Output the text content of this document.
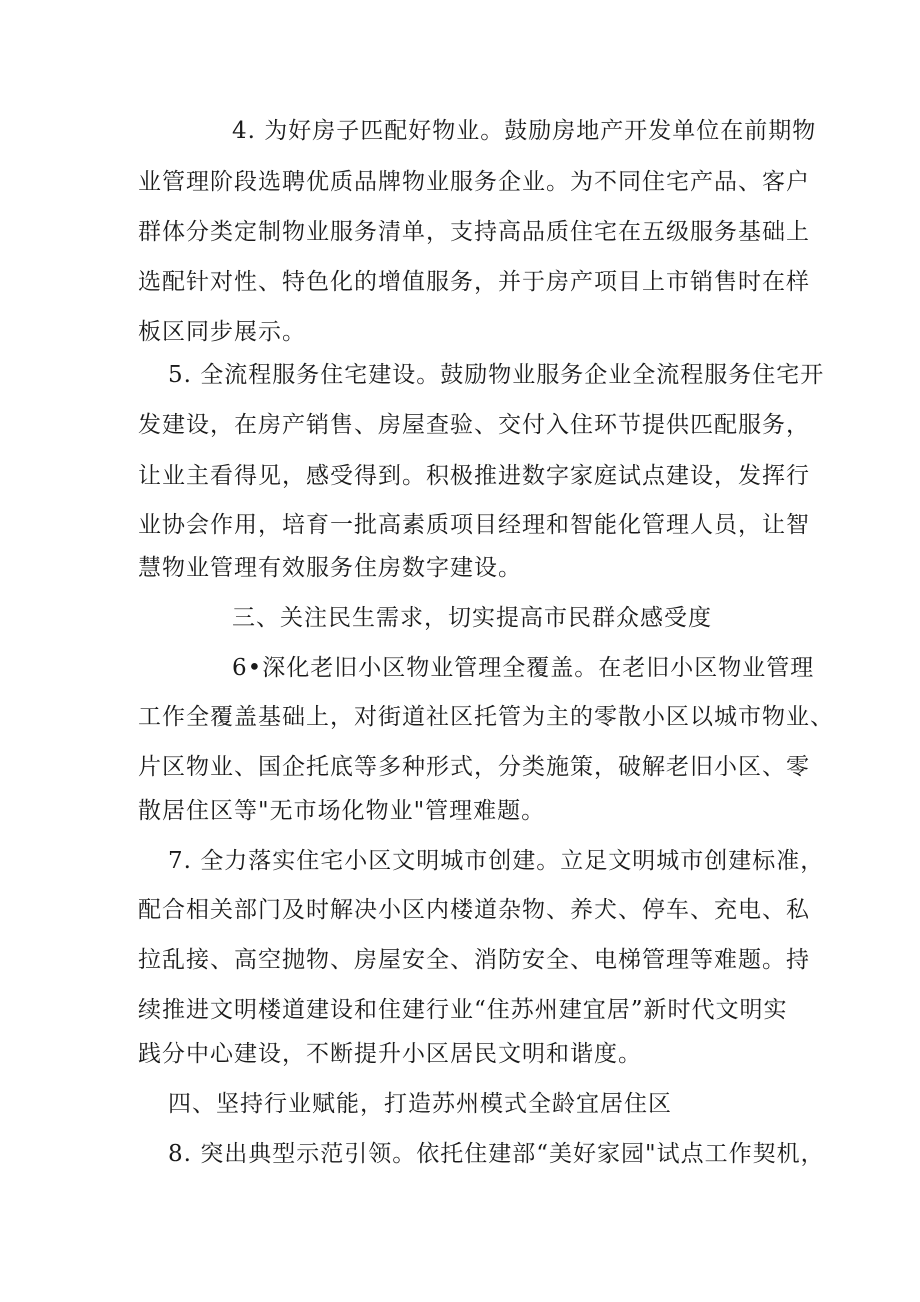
4. 为好房子匹配好物业。鼓励房地产开发单位在前期物
业管理阶段选聘优质品牌物业服务企业。为不同住宅产品、客户
群体分类定制物业服务清单，支持高品质住宅在五级服务基础上
选配针对性、特色化的增值服务，并于房产项目上市销售时在样
板区同步展示。
5. 全流程服务住宅建设。鼓励物业服务企业全流程服务住宅开
发建设，在房产销售、房屋查验、交付入住环节提供匹配服务，
让业主看得见，感受得到。积极推进数字家庭试点建设，发挥行
业协会作用，培育一批高素质项目经理和智能化管理人员，让智
慧物业管理有效服务住房数字建设。
三、关注民生需求，切实提高市民群众感受度
6•深化老旧小区物业管理全覆盖。在老旧小区物业管理
工作全覆盖基础上，对街道社区托管为主的零散小区以城市物业、
片区物业、国企托底等多种形式，分类施策，破解老旧小区、零
散居住区等"无市场化物业"管理难题。
7. 全力落实住宅小区文明城市创建。立足文明城市创建标准，
配合相关部门及时解决小区内楼道杂物、养犬、停车、充电、私
拉乱接、高空抛物、房屋安全、消防安全、电梯管理等难题。持
续推进文明楼道建设和住建行业“住苏州建宜居”新时代文明实
践分中心建设，不断提升小区居民文明和谐度。
四、坚持行业赋能，打造苏州模式全龄宜居住区
8. 突出典型示范引领。依托住建部“美好家园"试点工作契机，
